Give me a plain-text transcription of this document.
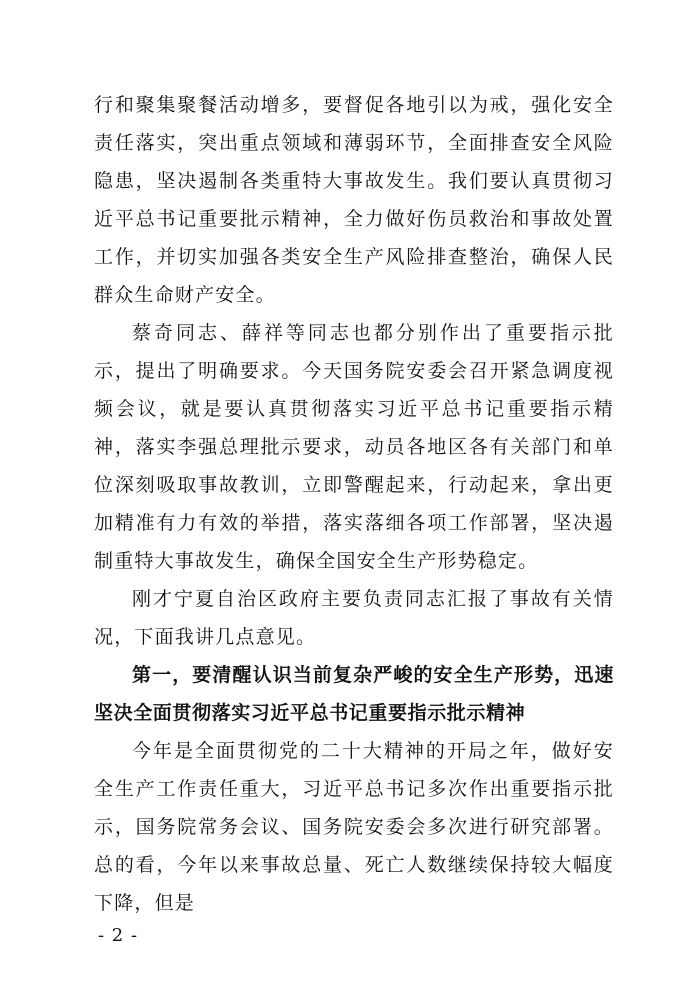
行和聚集聚餐活动增多，要督促各地引以为戒，强化安全责任落实，突出重点领域和薄弱环节，全面排查安全风险隐患，坚决遏制各类重特大事故发生。我们要认真贯彻习近平总书记重要批示精神，全力做好伤员救治和事故处置工作，并切实加强各类安全生产风险排查整治，确保人民群众生命财产安全。

蔡奇同志、薛祥等同志也都分别作出了重要指示批示，提出了明确要求。今天国务院安委会召开紧急调度视频会议，就是要认真贯彻落实习近平总书记重要指示精神，落实李强总理批示要求，动员各地区各有关部门和单位深刻吸取事故教训，立即警醒起来，行动起来，拿出更加精准有力有效的举措，落实落细各项工作部署，坚决遏制重特大事故发生，确保全国安全生产形势稳定。

刚才宁夏自治区政府主要负责同志汇报了事故有关情况，下面我讲几点意见。

第一，要清醒认识当前复杂严峻的安全生产形势，迅速坚决全面贯彻落实习近平总书记重要指示批示精神

今年是全面贯彻党的二十大精神的开局之年，做好安全生产工作责任重大，习近平总书记多次作出重要指示批示，国务院常务会议、国务院安委会多次进行研究部署。总的看，今年以来事故总量、死亡人数继续保持较大幅度下降，但是

- 2 -
